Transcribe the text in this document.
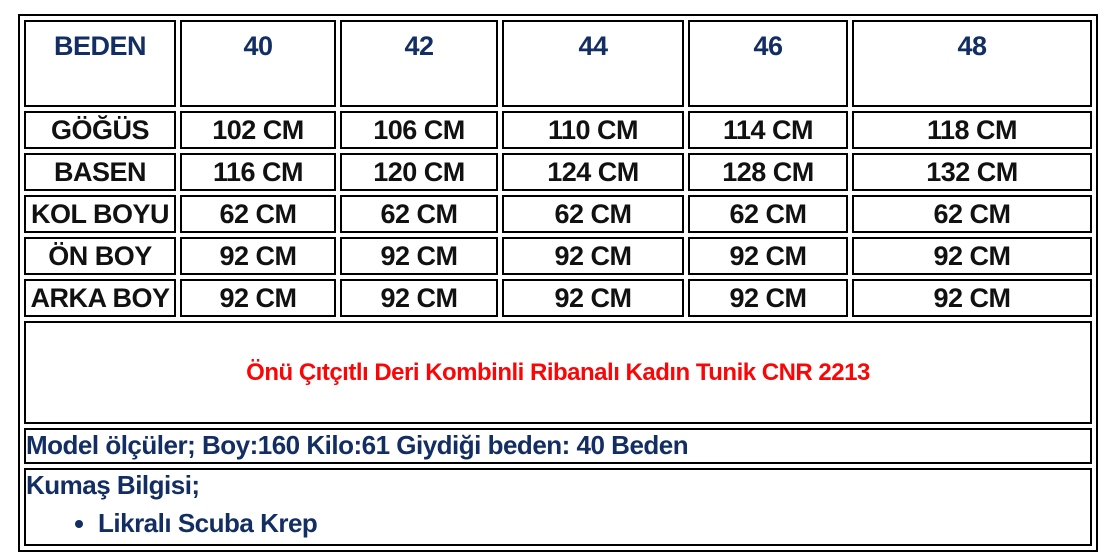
BEDEN	40	42	44	46	48
GÖĞÜS	102 CM	106 CM	110 CM	114 CM	118 CM
BASEN	116 CM	120 CM	124 CM	128 CM	132 CM
KOL BOYU	62 CM	62 CM	62 CM	62 CM	62 CM
ÖN BOY	92 CM	92 CM	92 CM	92 CM	92 CM
ARKA BOY	92 CM	92 CM	92 CM	92 CM	92 CM
Önü Çıtçıtlı Deri Kombinli Ribanalı Kadın Tunik CNR 2213					
Model ölçüler; Boy:160 Kilo:61 Giydiği beden: 40 Beden					

Kumaş Bilgisi;
• Likralı Scuba Krep
